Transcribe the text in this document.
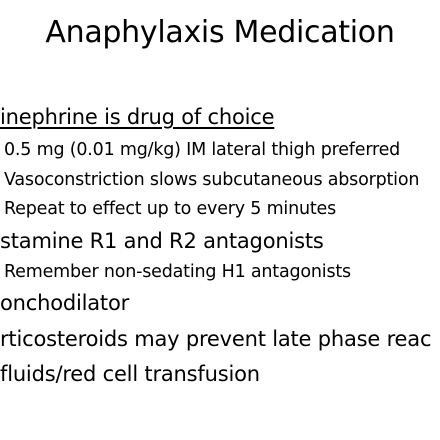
Anaphylaxis Medication
inephrine is drug of choice
0.5 mg (0.01 mg/kg) IM lateral thigh preferred
Vasoconstriction slows subcutaneous absorption
Repeat to effect up to every 5 minutes
stamine R1 and R2 antagonists
Remember non-sedating H1 antagonists
onchodilator
rticosteroids may prevent late phase reac
fluids/red cell transfusion
